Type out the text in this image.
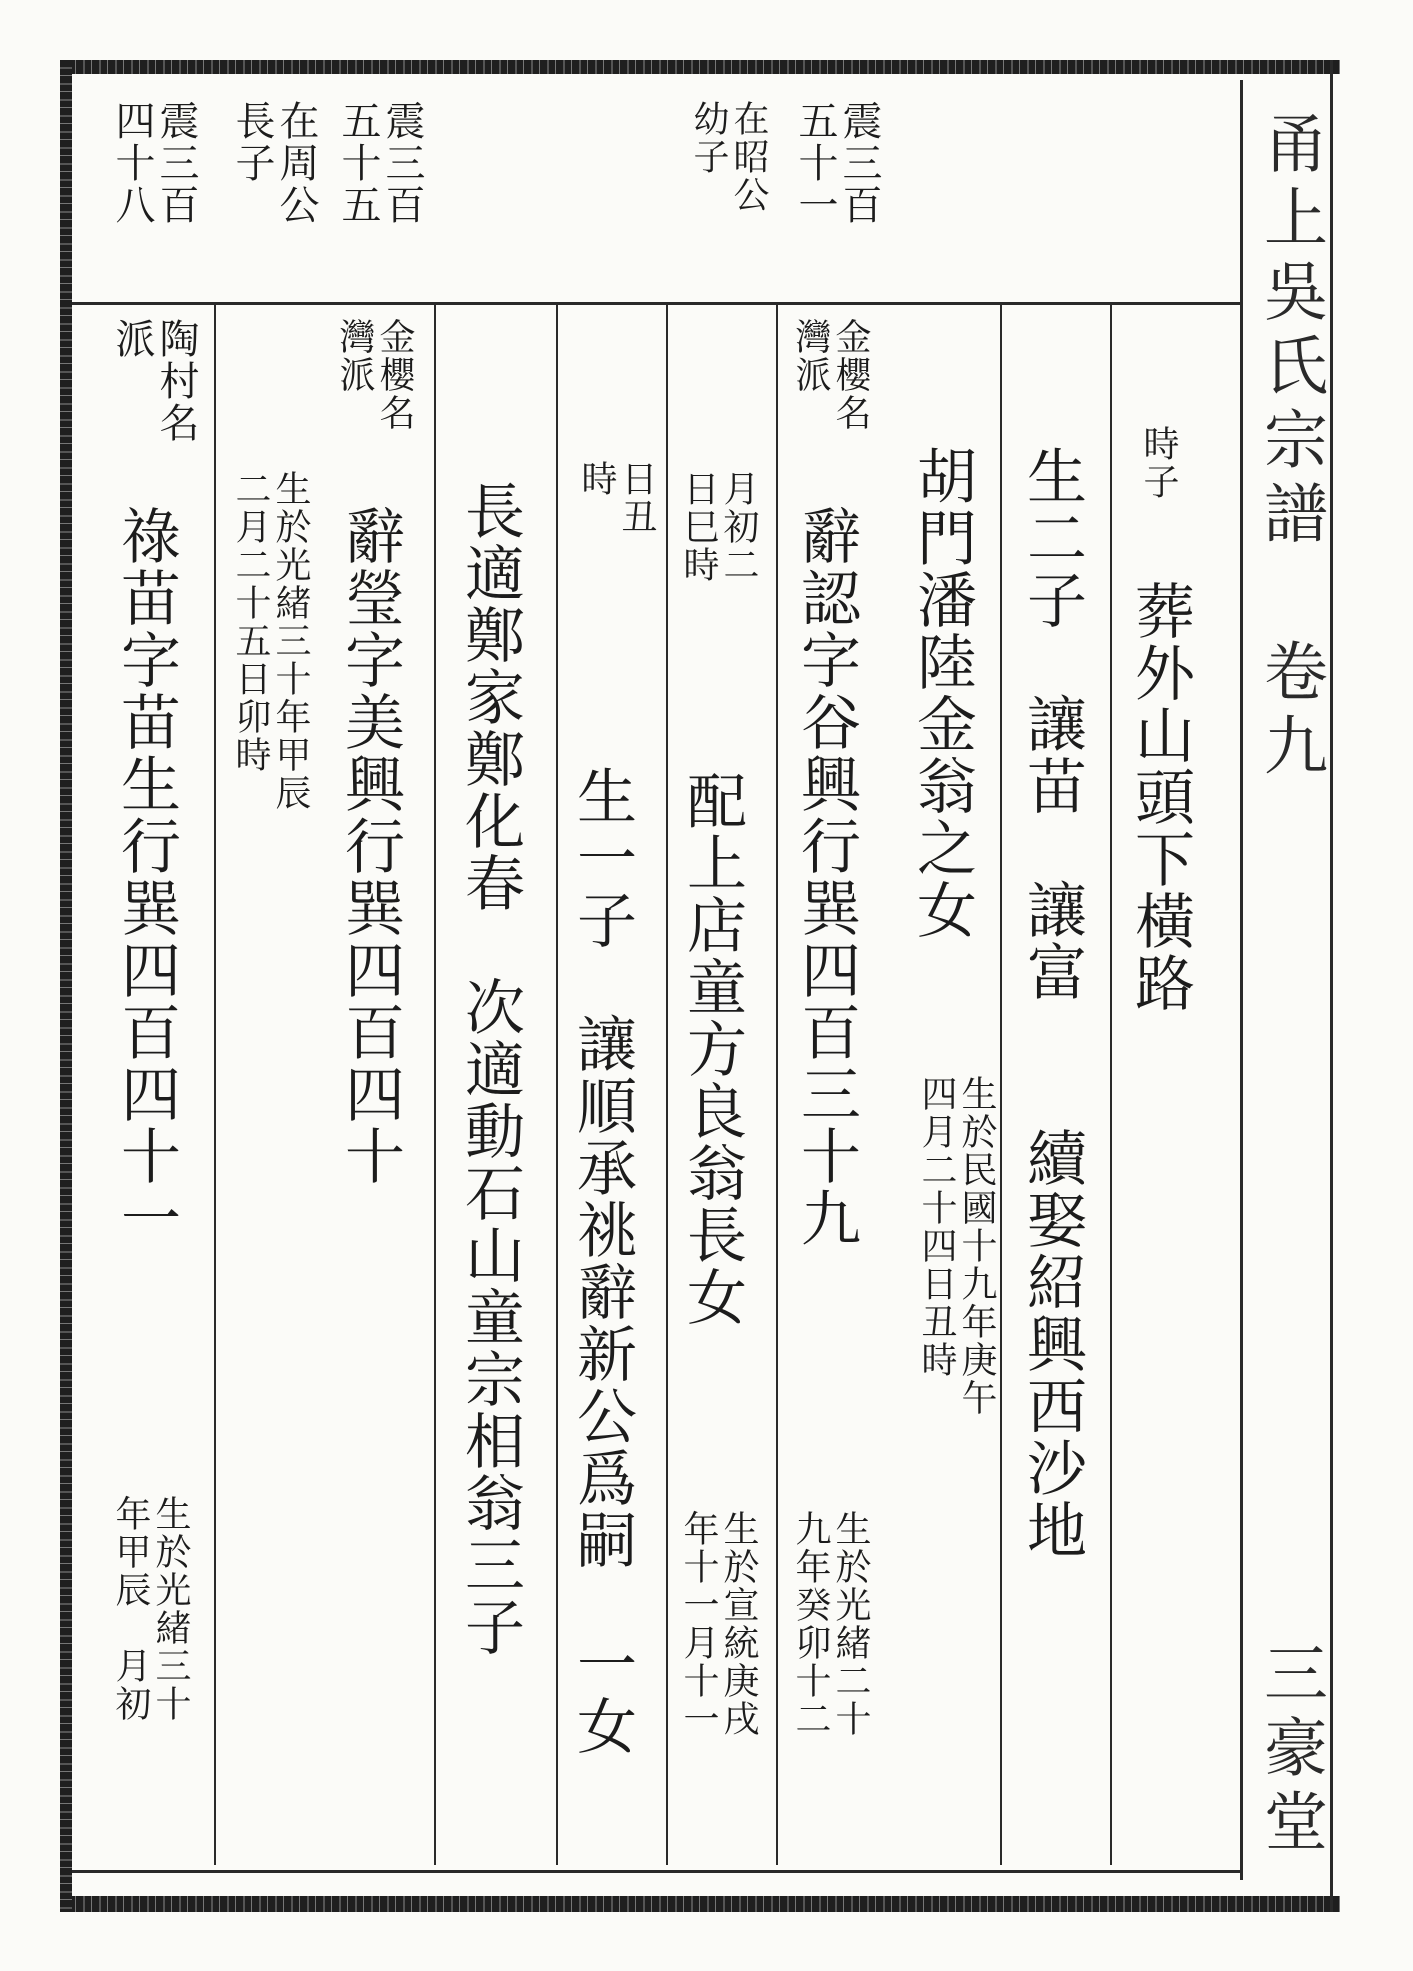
甬上吳氏宗譜 卷九
三豪堂
震三百
五十一
在昭公
幼子
震三百
五十五
在周公
長子
震三百
四十八
時子
葬外山頭下橫路
生二子　讓苗　讓富　　續娶紹興西沙地
胡門潘陸金翁之女
生於民國十九年庚午
四月二十四日丑時
金櫻名
灣派
辭認字谷興行巽四百三十九
生於光緒二十
九年癸卯十二
月初二
日巳時
配上店童方良翁長女
生於宣統庚戌
年十一月十一
日丑
時
生一子　讓順承祧辭新公爲嗣　一女
長適鄭家鄭化春　次適動石山童宗相翁三子
金櫻名
灣派
辭瑩字美興行巽四百四十
生於光緒三十年甲辰
二月二十五日卯時
陶村名
派
祿苗字苗生行巽四百四十一
生於光緒三十
年甲辰　月初
